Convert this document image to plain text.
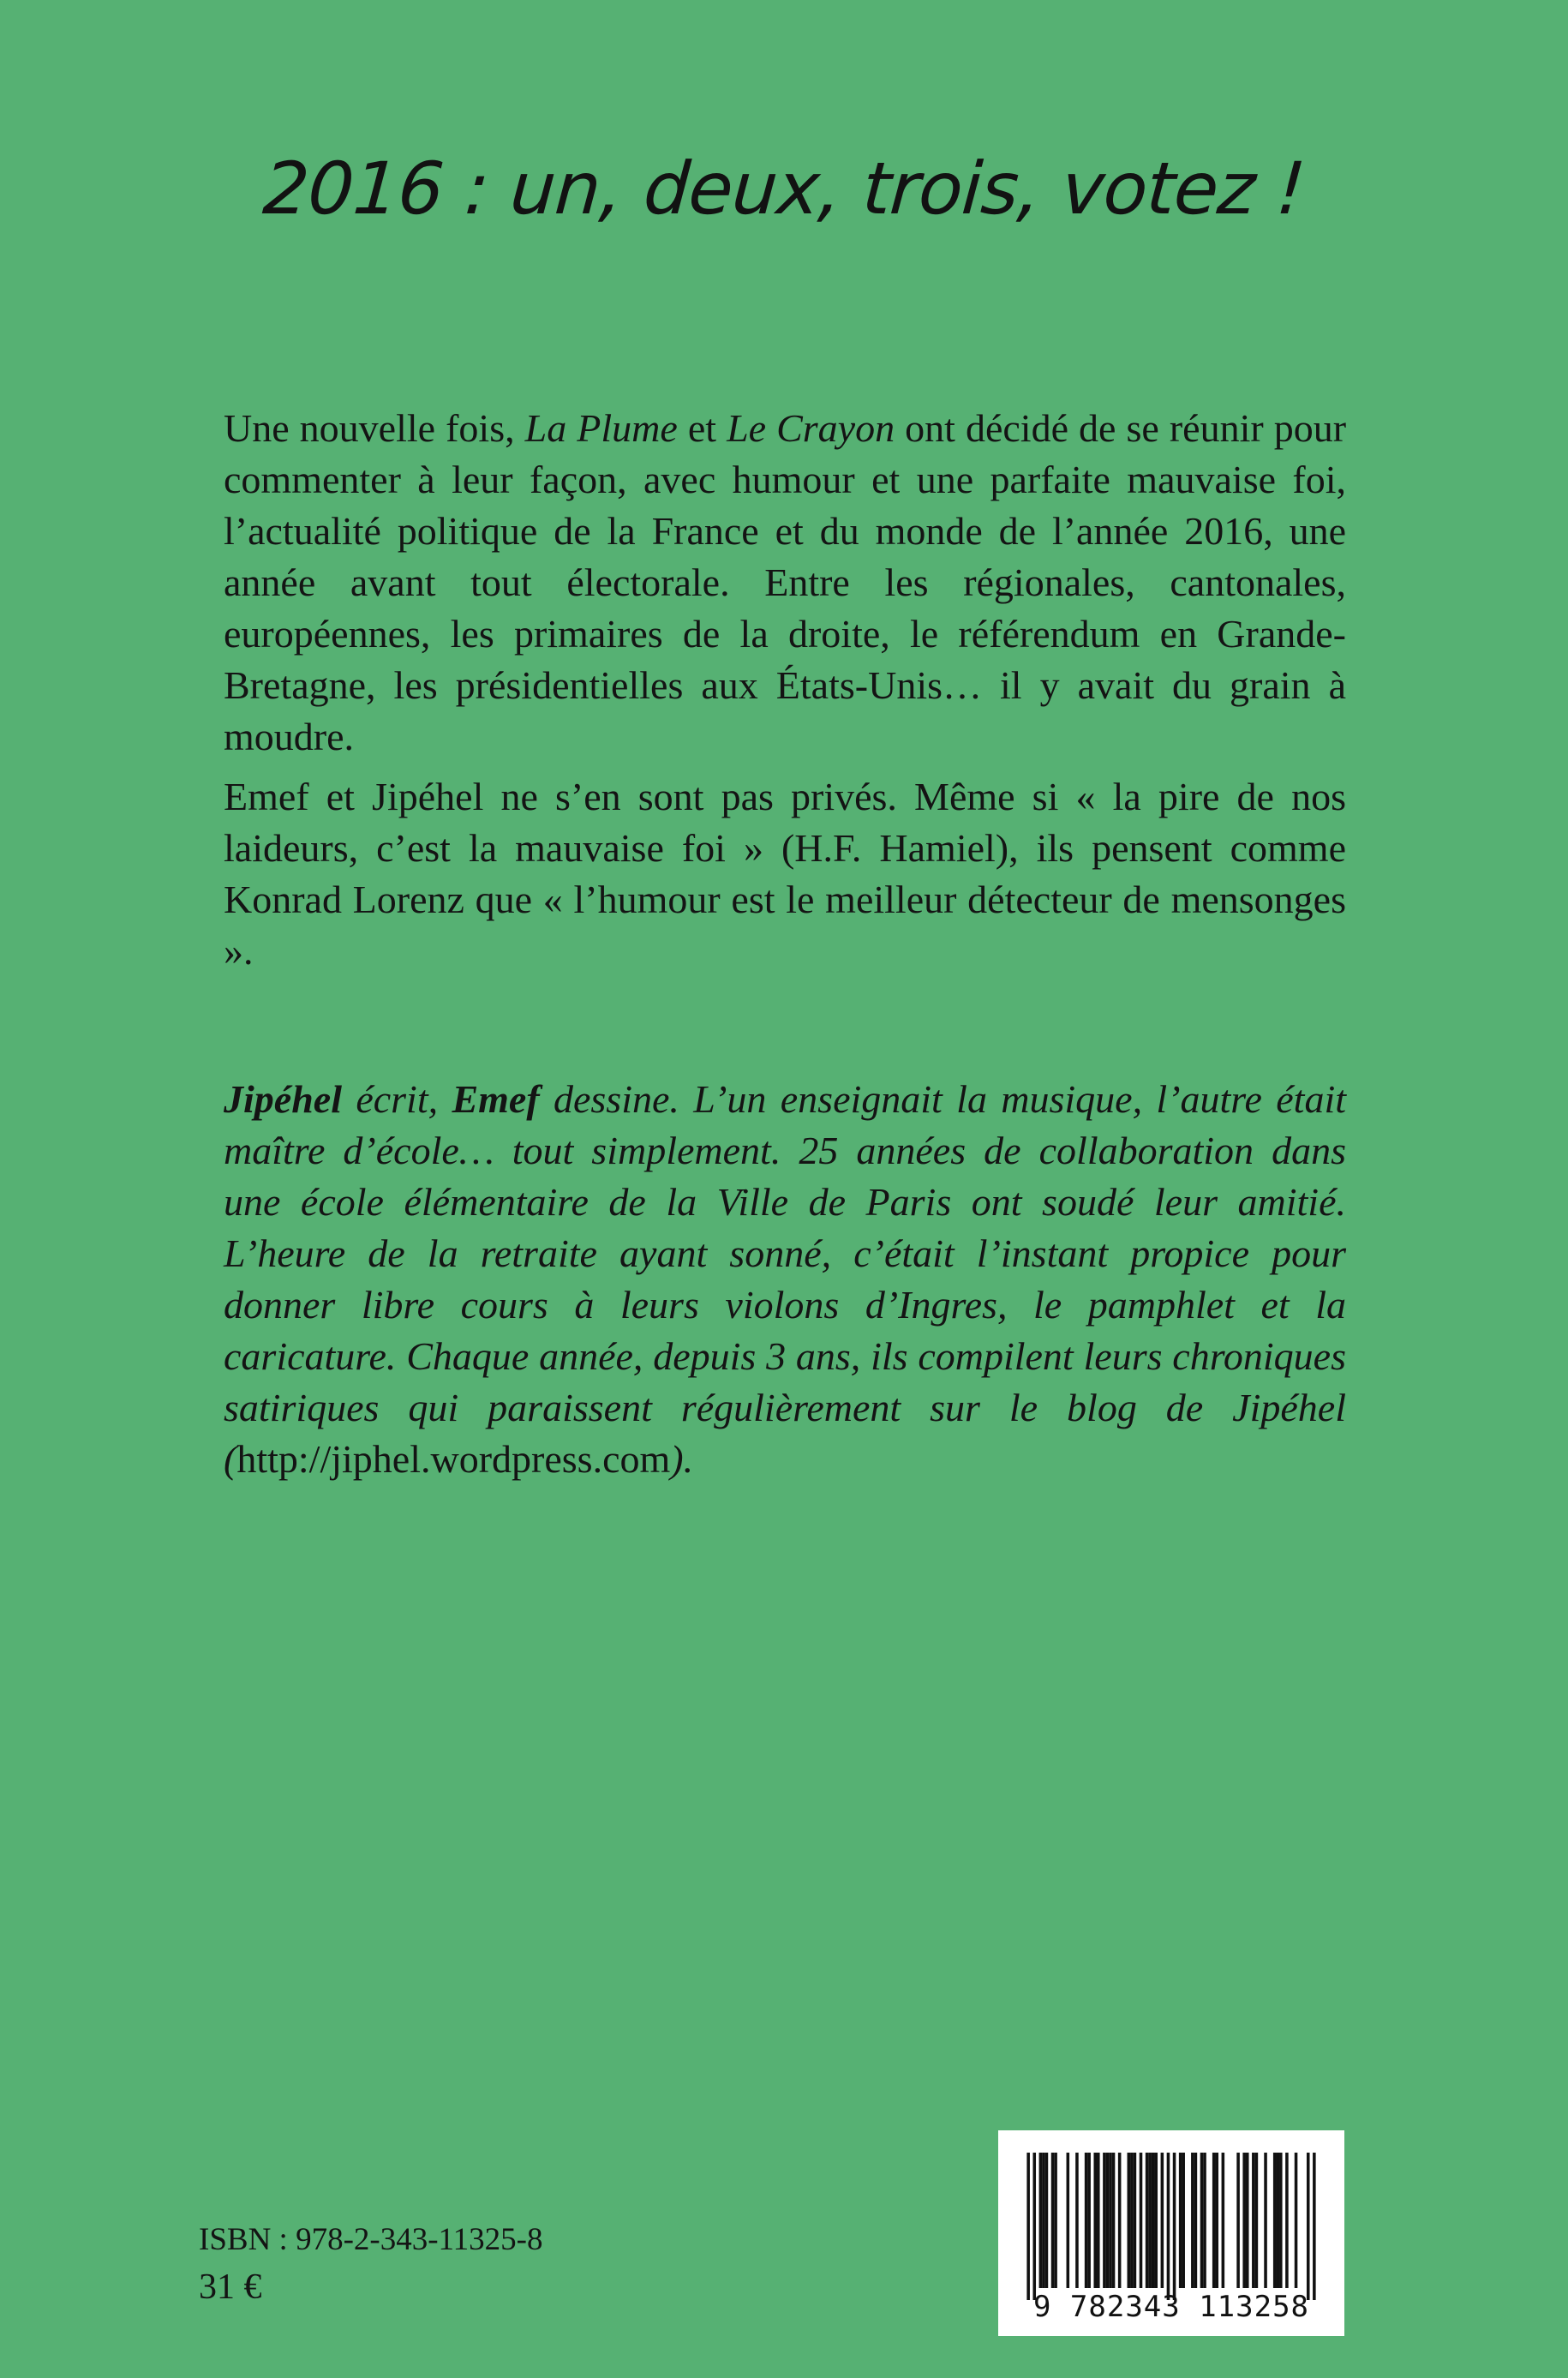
2016 : un, deux, trois, votez !

Une nouvelle fois, La Plume et Le Crayon ont décidé de se réunir pour commenter à leur façon, avec humour et une parfaite mauvaise foi, l’actualité politique de la France et du monde de l’année 2016, une année avant tout électorale. Entre les régionales, cantonales, européennes, les primaires de la droite, le référendum en Grande-Bretagne, les présidentielles aux États-Unis… il y avait du grain à moudre.

Emef et Jipéhel ne s’en sont pas privés. Même si « la pire de nos laideurs, c’est la mauvaise foi » (H.F. Hamiel), ils pensent comme Konrad Lorenz que « l’humour est le meilleur détecteur de mensonges ».

Jipéhel écrit, Emef dessine. L’un enseignait la musique, l’autre était maître d’école… tout simplement. 25 années de collaboration dans une école élémentaire de la Ville de Paris ont soudé leur amitié. L’heure de la retraite ayant sonné, c’était l’instant propice pour donner libre cours à leurs violons d’Ingres, le pamphlet et la caricature. Chaque année, depuis 3 ans, ils compilent leurs chroniques satiriques qui paraissent régulièrement sur le blog de Jipéhel (http://jiphel.wordpress.com).

ISBN : 978-2-343-11325-8
31 €	9 782343 113258
